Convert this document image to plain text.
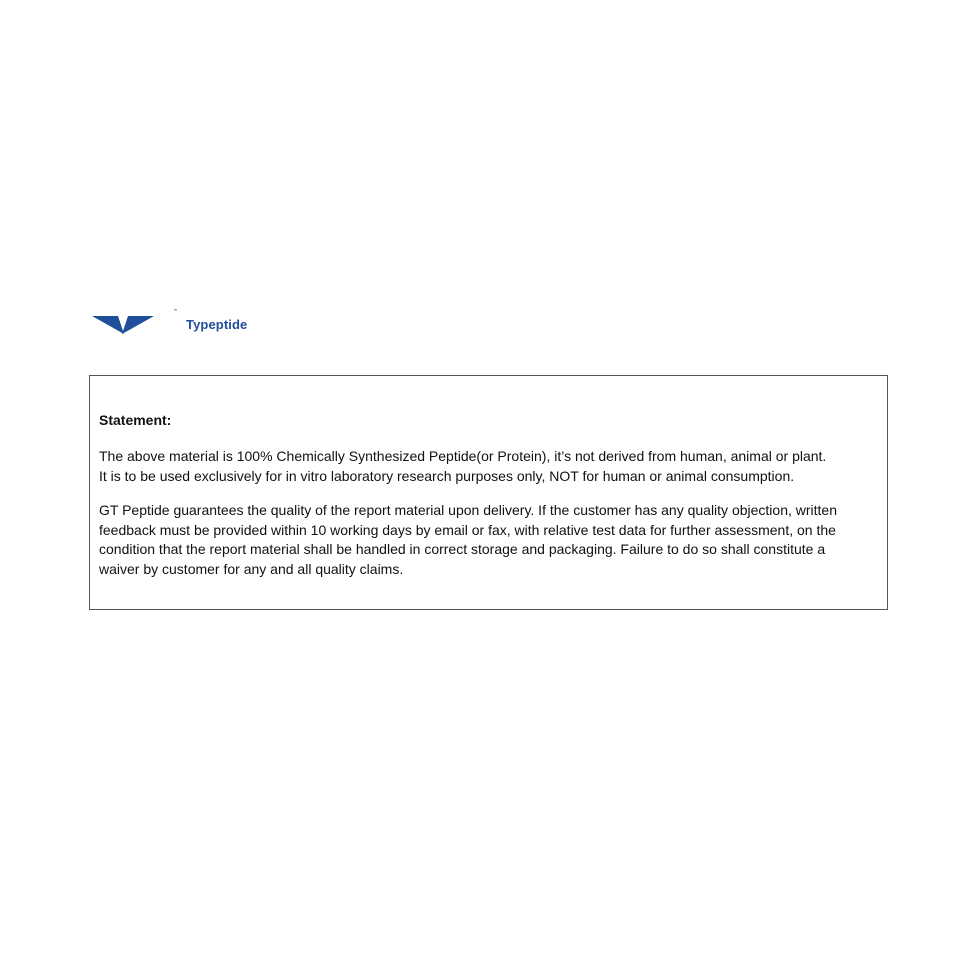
Typeptide
Statement:
The above material is 100% Chemically Synthesized Peptide(or Protein), it’s not derived from human, animal or plant.
It is to be used exclusively for in vitro laboratory research purposes only, NOT for human or animal consumption.
GT Peptide guarantees the quality of the report material upon delivery. If the customer has any quality objection, written
feedback must be provided within 10 working days by email or fax, with relative test data for further assessment, on the
condition that the report material shall be handled in correct storage and packaging. Failure to do so shall constitute a
waiver by customer for any and all quality claims.
